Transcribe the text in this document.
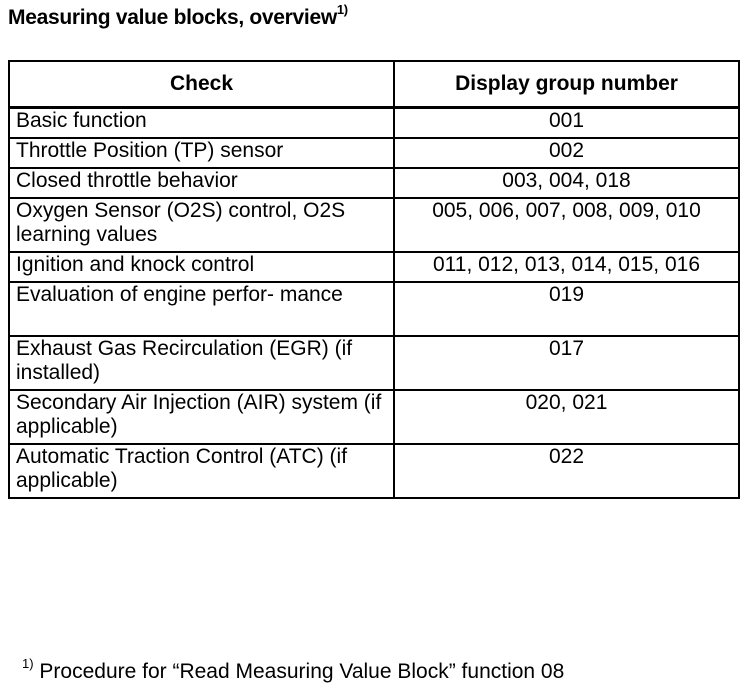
Measuring value blocks, overview$^{1)}$
Check	Display group number
Basic function	001
Throttle Position (TP) sensor	002
Closed throttle behavior	003, 004, 018
Oxygen Sensor (O2S) control, O2S learning values	005, 006, 007, 008, 009, 010
Ignition and knock control	011, 012, 013, 014, 015, 016
Evaluation of engine perfor- mance	019
Exhaust Gas Recirculation (EGR) (if installed)	017
Secondary Air Injection (AIR) system (if applicable)	020, 021
Automatic Traction Control (ATC) (if applicable)	022
$^{1)}$ Procedure for “Read Measuring Value Block” function 08
